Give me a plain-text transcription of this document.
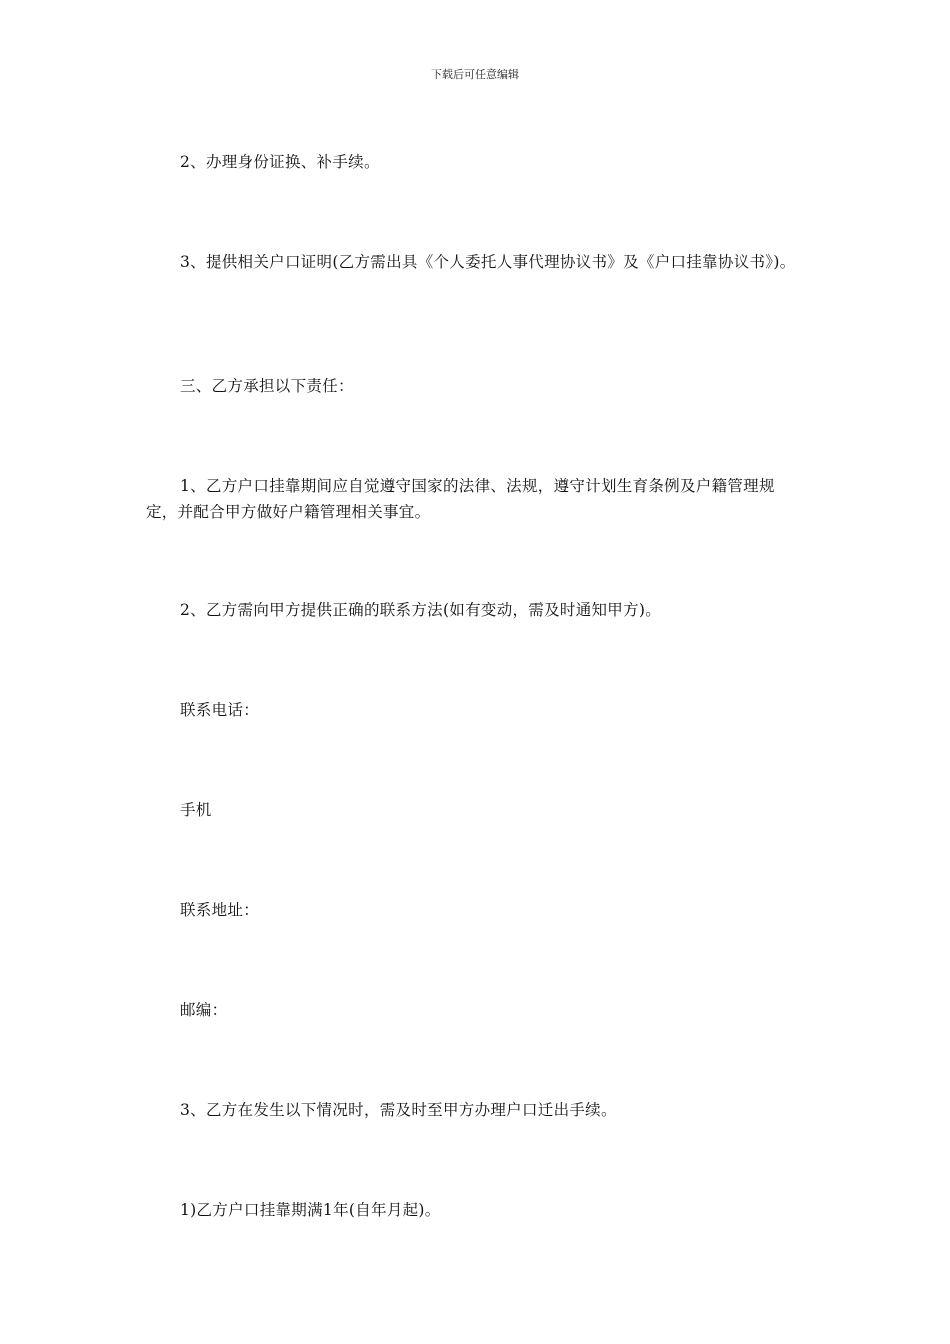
下载后可任意编辑
2、办理身份证换、补手续。
3、提供相关户口证明(乙方需出具《个人委托人事代理协议书》及《户口挂靠协议书》)。
三、乙方承担以下责任：
1、乙方户口挂靠期间应自觉遵守国家的法律、法规，遵守计划生育条例及户籍管理规定，并配合甲方做好户籍管理相关事宜。
2、乙方需向甲方提供正确的联系方法(如有变动，需及时通知甲方)。
联系电话：
手机
联系地址：
邮编：
3、乙方在发生以下情况时，需及时至甲方办理户口迁出手续。
1)乙方户口挂靠期满1年(自年月起)。
